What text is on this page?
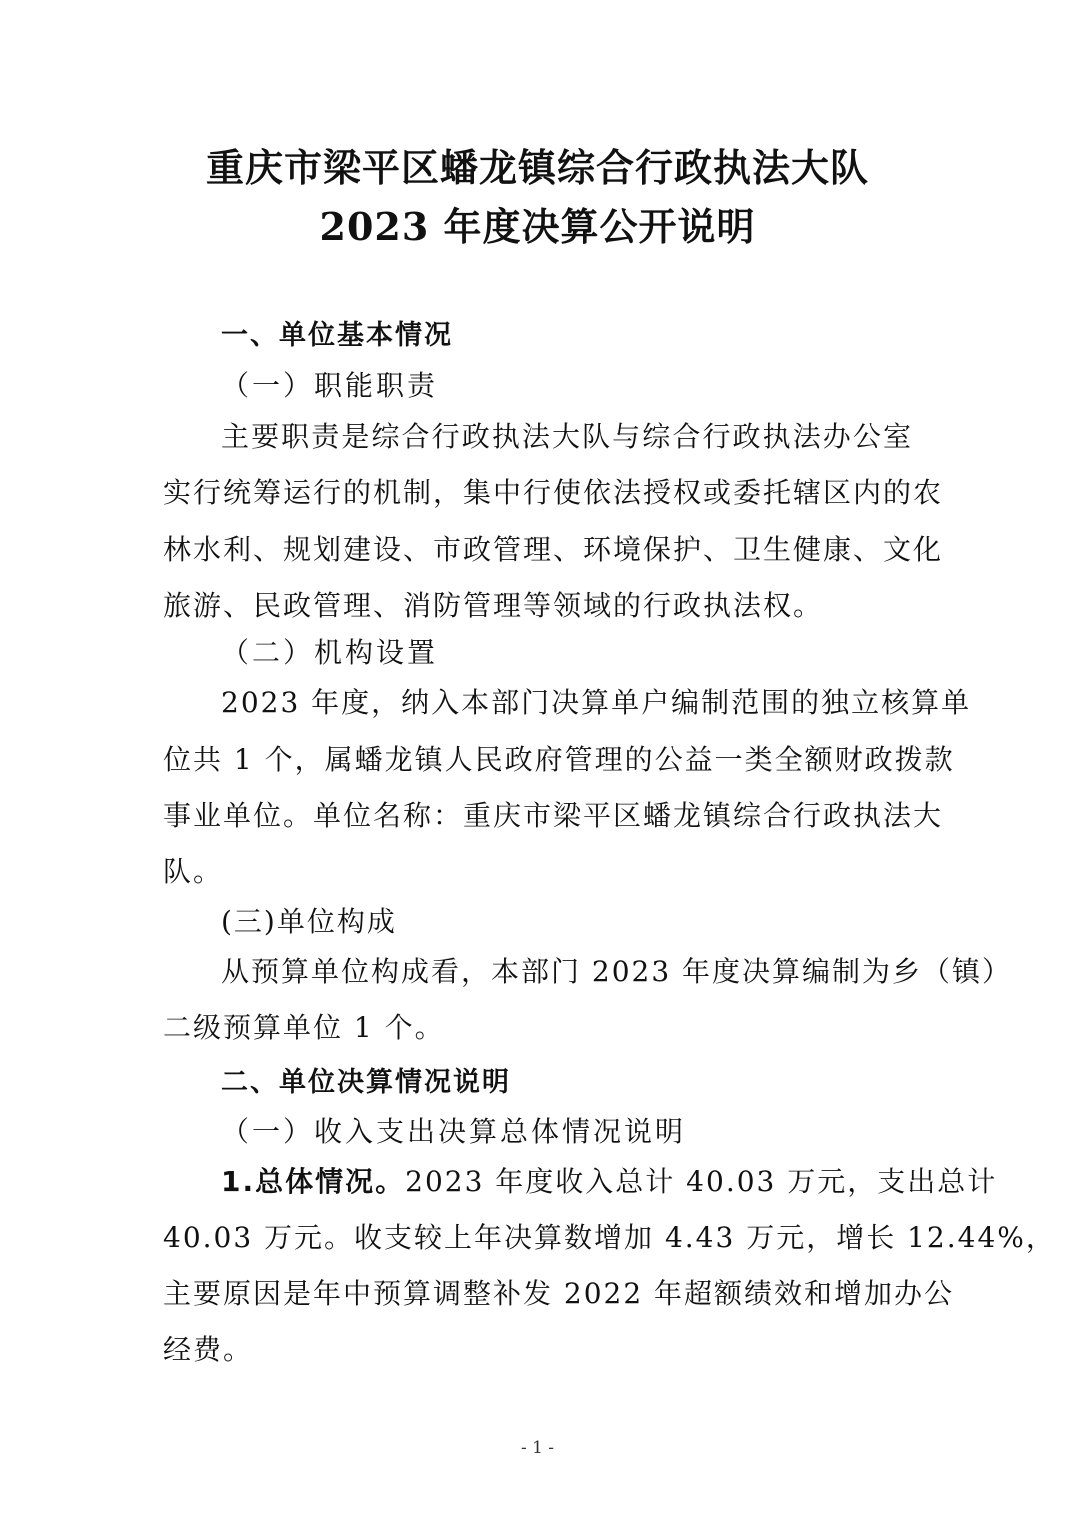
重庆市梁平区蟠龙镇综合行政执法大队
2023 年度决算公开说明
一、单位基本情况
（一）职能职责
主要职责是综合行政执法大队与综合行政执法办公室
实行统筹运行的机制，集中行使依法授权或委托辖区内的农
林水利、规划建设、市政管理、环境保护、卫生健康、文化
旅游、民政管理、消防管理等领域的行政执法权。
（二）机构设置
2023 年度，纳入本部门决算单户编制范围的独立核算单
位共 1 个，属蟠龙镇人民政府管理的公益一类全额财政拨款
事业单位。单位名称：重庆市梁平区蟠龙镇综合行政执法大
队。
(三)单位构成
从预算单位构成看，本部门 2023 年度决算编制为乡（镇）
二级预算单位 1 个。
二、单位决算情况说明
（一）收入支出决算总体情况说明
1.总体情况。2023 年度收入总计 40.03 万元，支出总计
40.03 万元。收支较上年决算数增加 4.43 万元，增长 12.44%，
主要原因是年中预算调整补发 2022 年超额绩效和增加办公
经费。
- 1 -
